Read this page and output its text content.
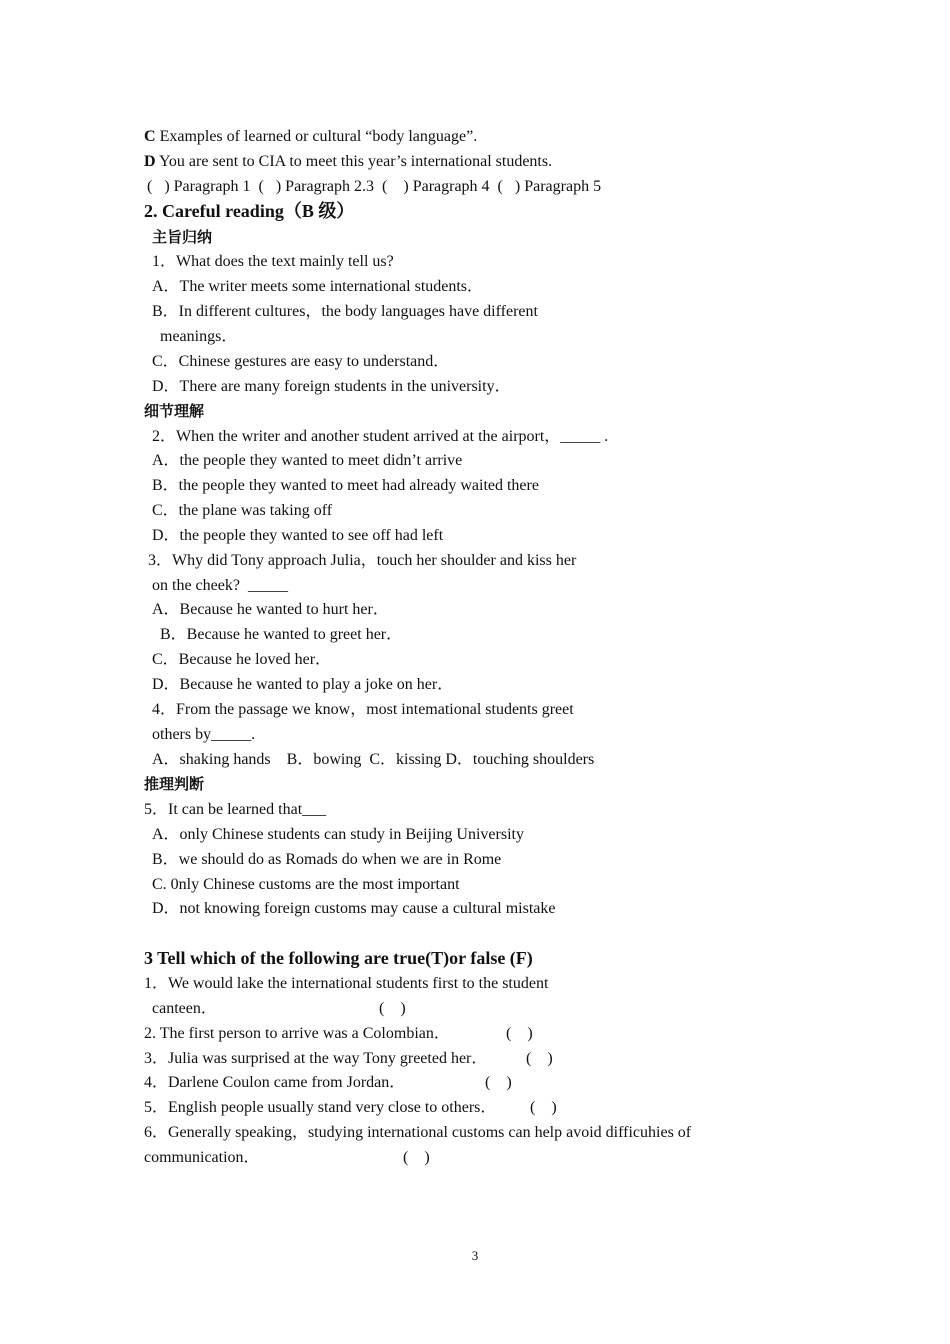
C Examples of learned or cultural “body language”.
D You are sent to CIA to meet this year’s international students.
(   ) Paragraph 1  (   ) Paragraph 2.3  (    ) Paragraph 4  (   ) Paragraph 5
2. Careful reading（B 级）
主旨归纳
1．What does the text mainly tell us?
A．The writer meets some international students．
B．In different cultures，the body languages have different
meanings．
C．Chinese gestures are easy to understand．
D．There are many foreign students in the university．
细节理解
2．When the writer and another student arrived at the airport，_____ .
A．the people they wanted to meet didn’t arrive
B．the people they wanted to meet had already waited there
C．the plane was taking off
D．the people they wanted to see off had left
3．Why did Tony approach Julia，touch her shoulder and kiss her
on the cheek?  _____
A．Because he wanted to hurt her．
B．Because he wanted to greet her．
C．Because he loved her．
D．Because he wanted to play a joke on her．
4．From the passage we know，most intemational students greet
others by_____.
A．shaking hands    B．bowing  C．kissing D．touching shoulders
推理判断
5．It can be learned that___
A．only Chinese students can study in Beijing University
B．we should do as Romads do when we are in Rome
C. 0nly Chinese customs are the most important
D．not knowing foreign customs may cause a cultural mistake
3 Tell which of the following are true(T)or false (F)
1．We would lake the international students first to the student
canteen．	(    )
2. The first person to arrive was a Colombian．	(    )
3．Julia was surprised at the way Tony greeted her． (    )
4．Darlene Coulon came from Jordan．	(    )
5．English people usually stand very close to others． (    )
6．Generally speaking，studying international customs can help avoid difficuhies of
communication．	(    )
3
